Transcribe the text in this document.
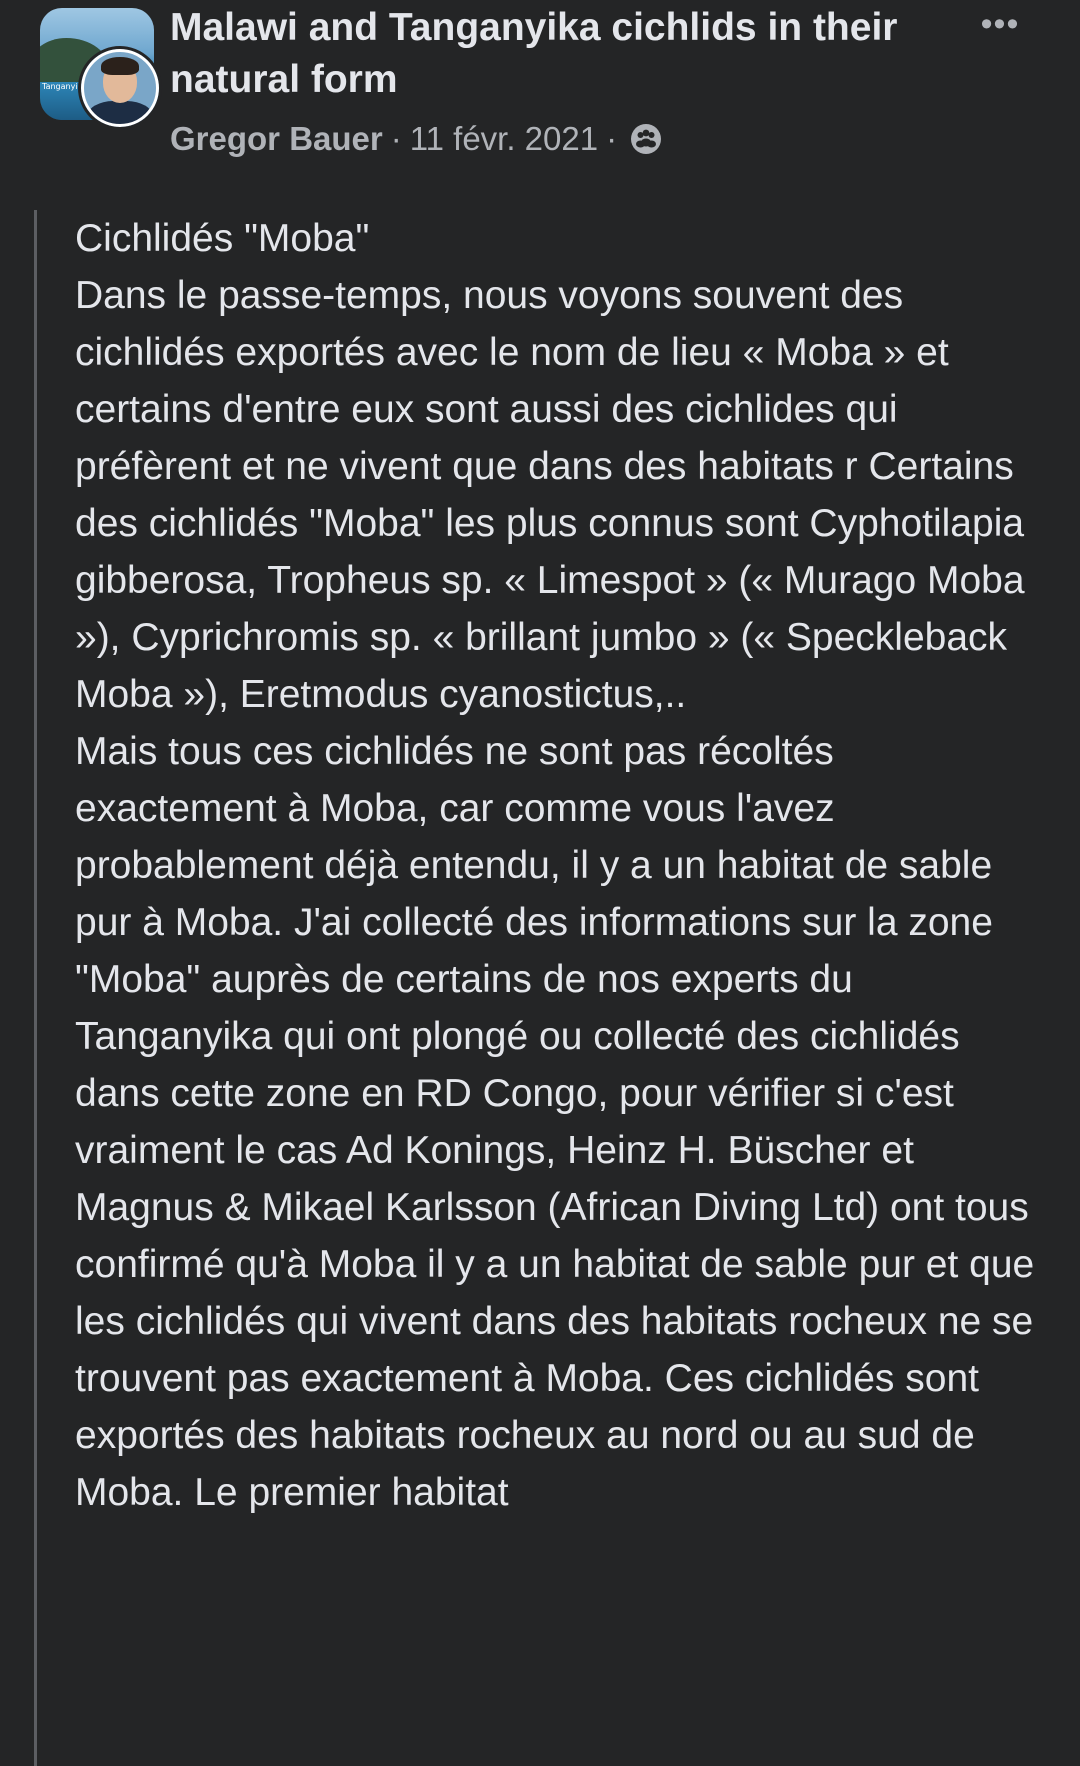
Tanganyi
Malawi and Tanganyika cichlids in their natural form
Gregor Bauer · 11 févr. 2021 ·
•••
Cichlidés "Moba"
Dans le passe-temps, nous voyons souvent des cichlidés exportés avec le nom de lieu « Moba » et certains d'entre eux sont aussi des cichlides qui préfèrent et ne vivent que dans des habitats r Certains des cichlidés "Moba" les plus connus sont Cyphotilapia gibberosa, Tropheus sp. « Limespot » (« Murago Moba »), Cyprichromis sp. « brillant jumbo » (« Speckleback Moba »), Eretmodus cyanostictus,..
Mais tous ces cichlidés ne sont pas récoltés exactement à Moba, car comme vous l'avez probablement déjà entendu, il y a un habitat de sable pur à Moba. J'ai collecté des informations sur la zone "Moba" auprès de certains de nos experts du Tanganyika qui ont plongé ou collecté des cichlidés dans cette zone en RD Congo, pour vérifier si c'est vraiment le cas Ad Konings, Heinz H. Büscher et Magnus & Mikael Karlsson (African Diving Ltd) ont tous confirmé qu'à Moba il y a un habitat de sable pur et que les cichlidés qui vivent dans des habitats rocheux ne se trouvent pas exactement à Moba. Ces cichlidés sont exportés des habitats rocheux au nord ou au sud de Moba. Le premier habitat
